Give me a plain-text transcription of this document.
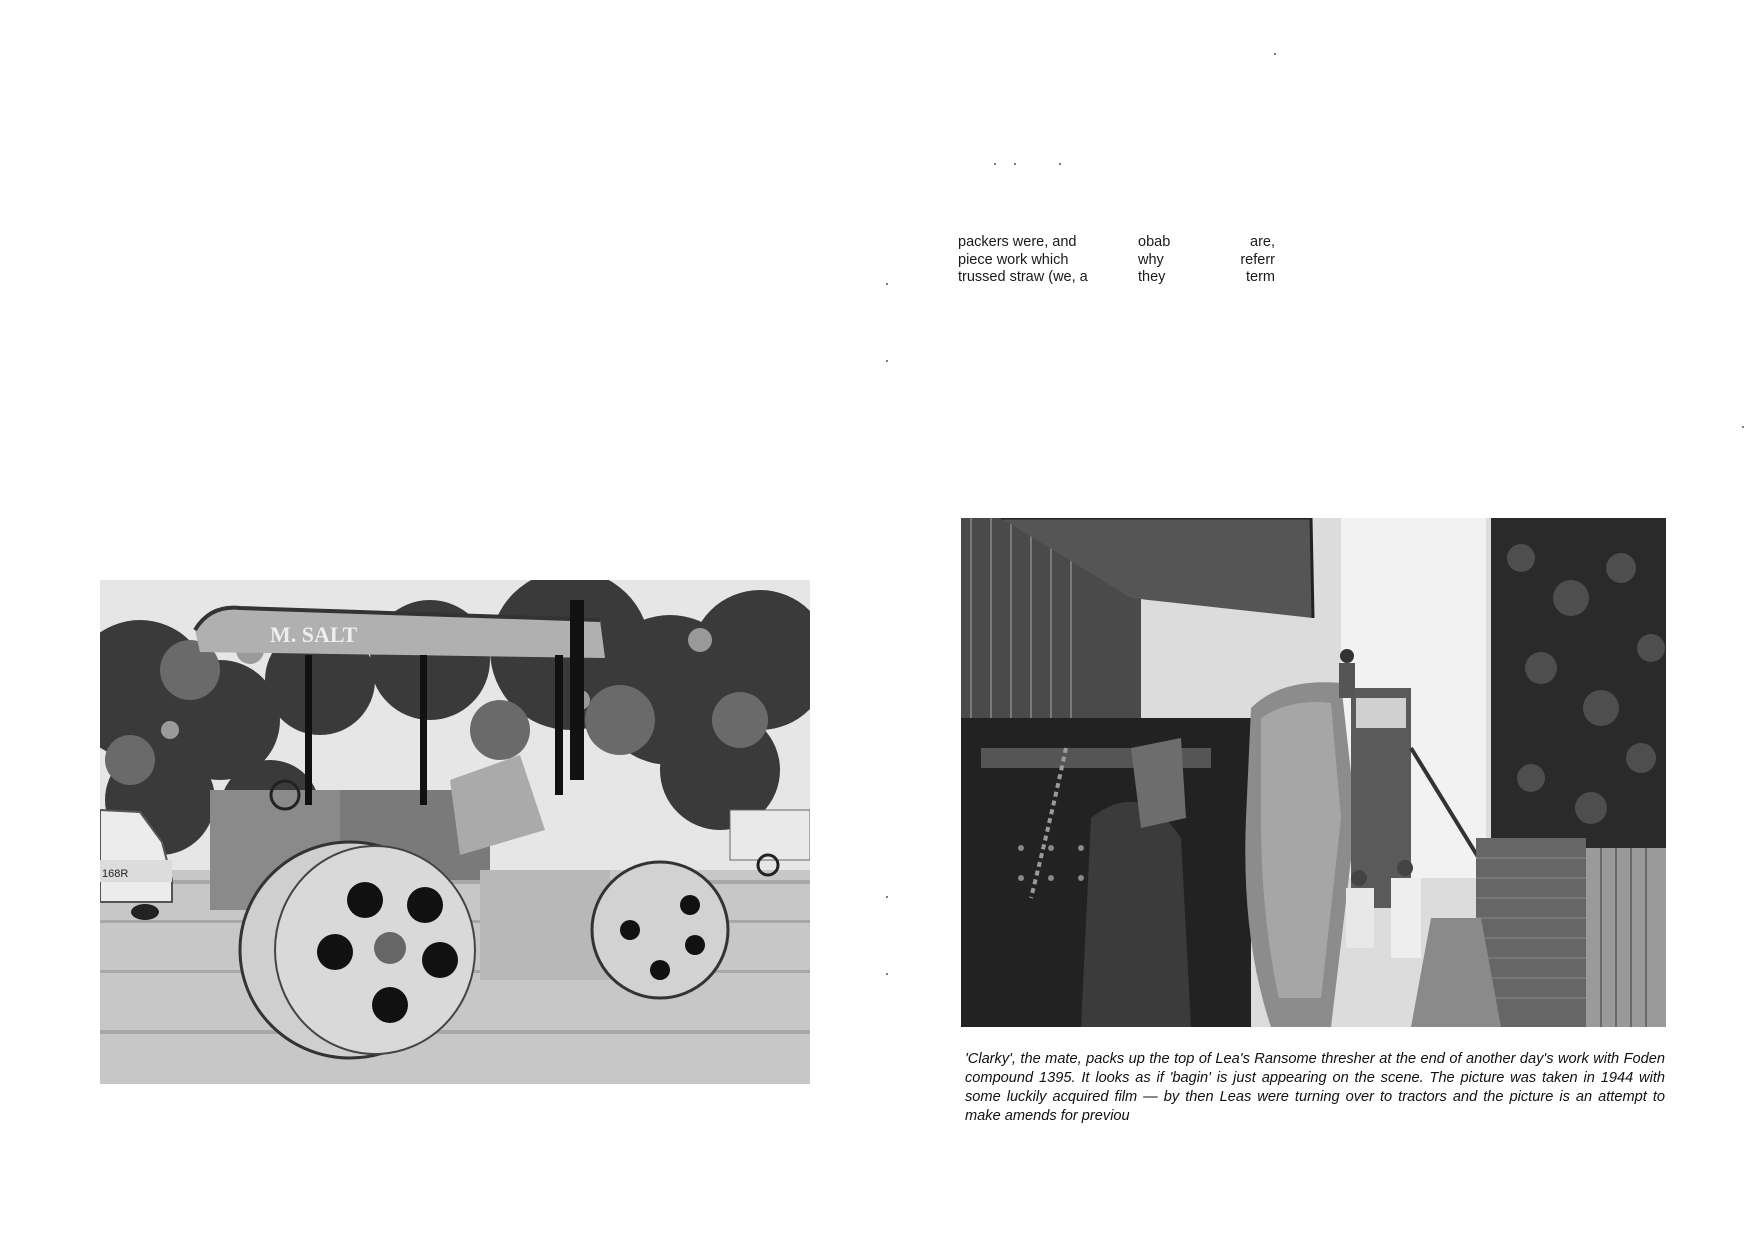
168R
M. SALT
packers were, and	obab	are,
piece work which	why	referr
trussed straw (we, a	they	term
'Clarky', the mate, packs up the top of Lea's Ransome thresher at the end of another day's work with Foden compound 1395. It looks as if 'bagin' is just appearing on the scene. The picture was taken in 1944 with some luckily acquired film — by then Leas were turning over to tractors and the picture is an attempt to make amends for previou
